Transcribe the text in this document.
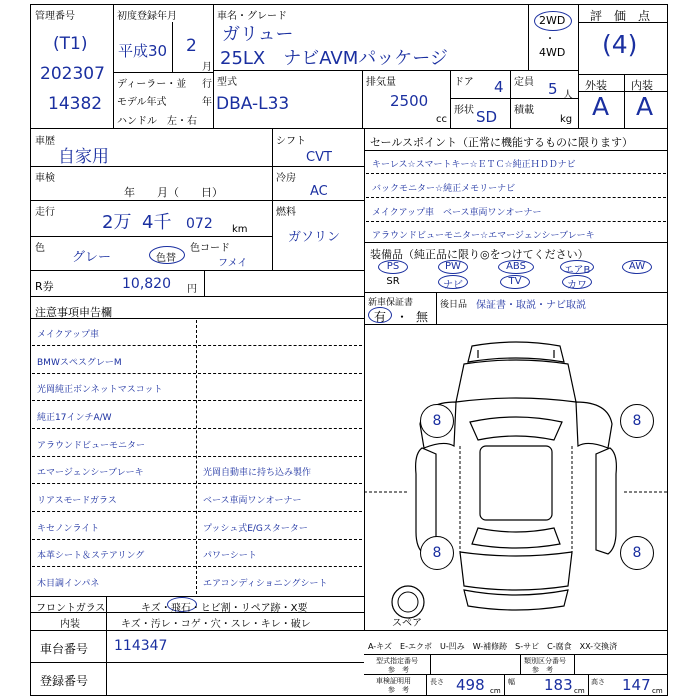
管理番号
(T1)
202307
14382
初度登録年月
平成30 2
月
ディーラー・並 行
モデル年式	年
ハンドル　左・右
車名・グレード
ガリュー
25LX　ナビAVMパッケージ
2WD
・
4WD
評　価　点
(4)
外装 内装
A A
型式
DBA-L33
排気量
2500
cc
ドア 4 定員 5 人
形状 SD 積載
kg
車歴
自家用
車検
年　　月（　　日）
走行	2万 4千 072 km
色
グレー	色替
色コード
フメイ
シフト
CVT
冷房
AC
燃料
ガソリン
R券	10,820 円
セールスポイント（正常に機能するものに限ります）
キーレス☆スマートキー☆ＥＴＣ☆純正ＨＤＤナビ
バックモニター☆純正メモリーナビ
メイクアップ車　ベース車両ワンオーナー
アラウンドビューモニター☆エマージェンシーブレーキ
装備品（純正品に限り◎をつけてください）
PS	PW	ABS	エアB	AW
SR	ナビ	TV	カワ
新車保証書
有 ・ 無
後日品 保証書・取説・ナビ取説
注意事項申告欄
メイクアップ車
BMWスペスグレーM
光岡純正ボンネットマスコット
純正17インチA/W
アラウンドビューモニター
エマージェンシーブレーキ	光岡自動車に持ち込み製作
リアスモードガラス	ベース車両ワンオーナー
キセノンライト	プッシュ式E/Gスターター
本革シート＆ステアリング	パワーシート
木目調インパネ	エアコンディショニングシート
フロントガラス	キズ・飛石・ヒビ割・リペア跡・X要
内装	キズ・汚レ・コゲ・穴・スレ・キレ・破レ
車台番号 114347
登録番号
A-キズ　E-エクボ　U-凹み　W-補修跡　S-サビ　C-腐食　XX-交換済
型式指定番号
参　考
類別区分番号
参　考
車検証明用
参　考
長さ 498 cm
幅 183 cm
高さ 147 cm
8	8
8	8
スペア
